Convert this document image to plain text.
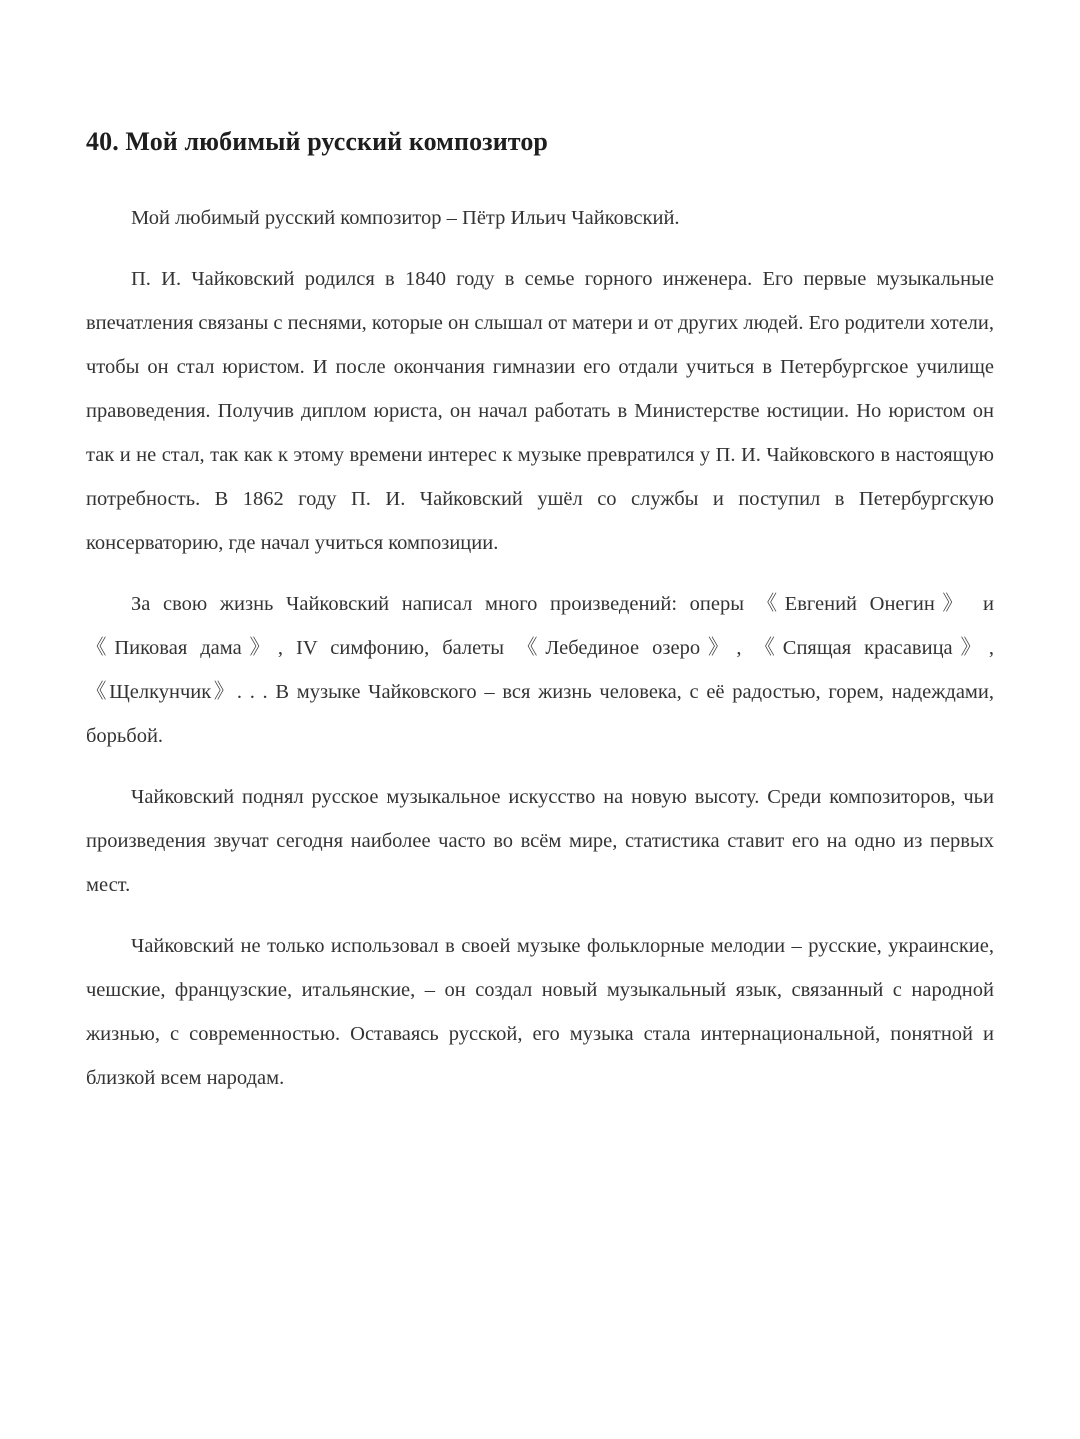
40. Мой любимый русский композитор

Мой любимый русский композитор – Пётр Ильич Чайковский.

П. И. Чайковский родился в 1840 году в семье горного инженера. Его первые музыкальные впечатления связаны с песнями, которые он слышал от матери и от других людей. Его родители хотели, чтобы он стал юристом. И после окончания гимназии его отдали учиться в Петербургское училище правоведения. Получив диплом юриста, он начал работать в Министерстве юстиции. Но юристом он так и не стал, так как к этому времени интерес к музыке превратился у П. И. Чайковского в настоящую потребность. В 1862 году П. И. Чайковский ушёл со службы и поступил в Петербургскую консерваторию, где начал учиться композиции.

За свою жизнь Чайковский написал много произведений: оперы 《Евгений Онегин》 и 《Пиковая дама》, IV симфонию, балеты 《Лебединое озеро》, 《Спящая красавица》, 《Щелкунчик》. . . В музыке Чайковского – вся жизнь человека, с её радостью, горем, надеждами, борьбой.

Чайковский поднял русское музыкальное искусство на новую высоту. Среди композиторов, чьи произведения звучат сегодня наиболее часто во всём мире, статистика ставит его на одно из первых мест.

Чайковский не только использовал в своей музыке фольклорные мелодии – русские, украинские, чешские, французские, итальянские, – он создал новый музыкальный язык, связанный с народной жизнью, с современностью. Оставаясь русской, его музыка стала интернациональной, понятной и близкой всем народам.
